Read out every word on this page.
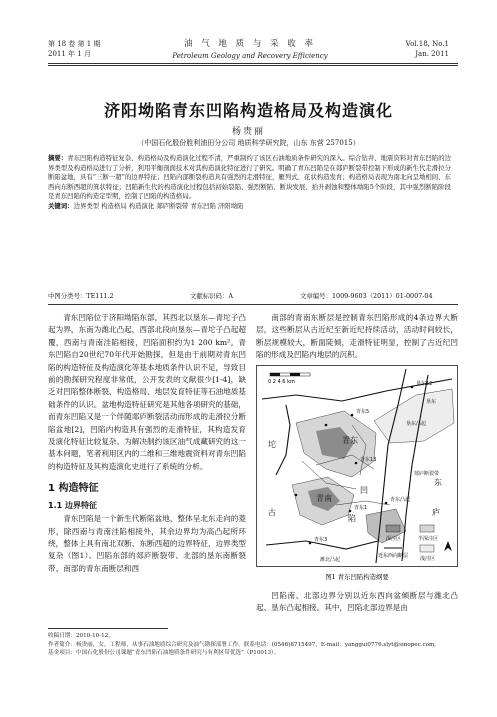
第 18 卷 第 1 期
2011 年 1 月
油 气 地 质 与 采 收 率
Petroleum Geology and Recovery Efficiency
Vol.18, No.1
Jan. 2011
济阳坳陷青东凹陷构造格局及构造演化
杨贵丽
（中国石化股份胜利油田分公司 地质科学研究院，山东 东营 257015）
摘要：青东凹陷构造特征复杂，构造格局及构造演化过程不清，严重制约了该区石油地质条件研究的深入。综合钻井、地震资料对青东凹陷的边界类型及构造格局进行了分析，利用平衡剖面技术对其构造演化特征进行了研究。明确了青东凹陷是在郯庐断裂带控制下形成的新生代走滑拉分断陷盆地，具有“三断一超”的边界特征；凹陷内部断裂构造具有强烈的走滑特征，雁列式、花状构造发育；构造格局表现为南北向呈坳相间、东西向东断西超的箕状特征；凹陷新生代的构造演化过程包括初始裂陷、强烈断陷、断块发展、抬升剥蚀和整体坳陷5个阶段，其中强烈断陷阶段是青东凹陷的构造定型期，控制了凹陷的构造格局。
关键词：边界类型 构造格局 构造演化 郯庐断裂带 青东凹陷 济阳坳陷
中图分类号：TE111.2	文献标识码：A	文章编号：1009-9603（2011）01-0007-04

青东凹陷位于济阳坳陷东部，其西北以垦东—青坨子凸起为界，东南为潍北凸起，西部北段向垦东—青坨子凸起超覆，西南与青南洼陷相接，凹陷面积约为1 200 km²。青东凹陷自20世纪70年代开始勘探，但是由于前期对青东凹陷的构造特征及构造演化等基本地质条件认识不足，导致目前的勘探研究程度非常低，公开发表的文献很少[1-4]，缺乏对凹陷整体断裂、构造格局、地层发育特征等石油地质基础条件的认识。盆地构造特征研究是其他各项研究的基础，而青东凹陷又是一个伴随郯庐断裂活动而形成的走滑拉分断陷盆地[2]，凹陷内构造具有强烈的走滑特征，其构造发育及演化特征比较复杂。为解决制约该区油气成藏研究的这一基本问题，笔者利用区内的二维和三维地震资料对青东凹陷的构造特征及其构造演化史进行了系统的分析。

1 构造特征
1.1 边界特征

青东凹陷是一个新生代断陷盆地，整体呈北东走向的菱形，除西南与青南洼陷相接外，其余边界均为高凸起所环绕，整体上具有南北双断、东断西超的边界特征，边界类型复杂（图1）。凹陷东部的郯庐断裂带、北部的垦东南断裂带、南部的青东南断层和西

南部的青南东断层是控制青东凹陷形成的4条边界大断层，这些断层从古近纪至新近纪持续活动，活动时间较长，断层规模较大，断面陡倾，走滑特征明显，控制了古近纪凹陷的形成及凹陷内地层的沉积。

0 2 4 6 km	垦东12
垦东
垦东凸起
青东5
青东
青东13
坨
青南
凹
陷
青东1
青东3
青东凸起
潍北凸起
东
郯庐断裂带
古	庐
深洼区	半深洼区
近东西向断层 浅洼区
图1 青东凹陷构造纲要

凹陷南、北部边界分别以近东西向盆倾断层与潍北凸起、垦东凸起相接。其中，凹陷北部边界是由

收稿日期：2010-10-12。
作者简介：杨贵丽，女，工程师，从事石油地质综合研究及油气勘探部署工作。联系电话：(0546)8715497，E-mail：yanggui0776.slyt@sinopec.com。
基金项目：中国石化股份公司课题“青东凹陷石油地质条件研究与有利区带优选”（P10013）。
